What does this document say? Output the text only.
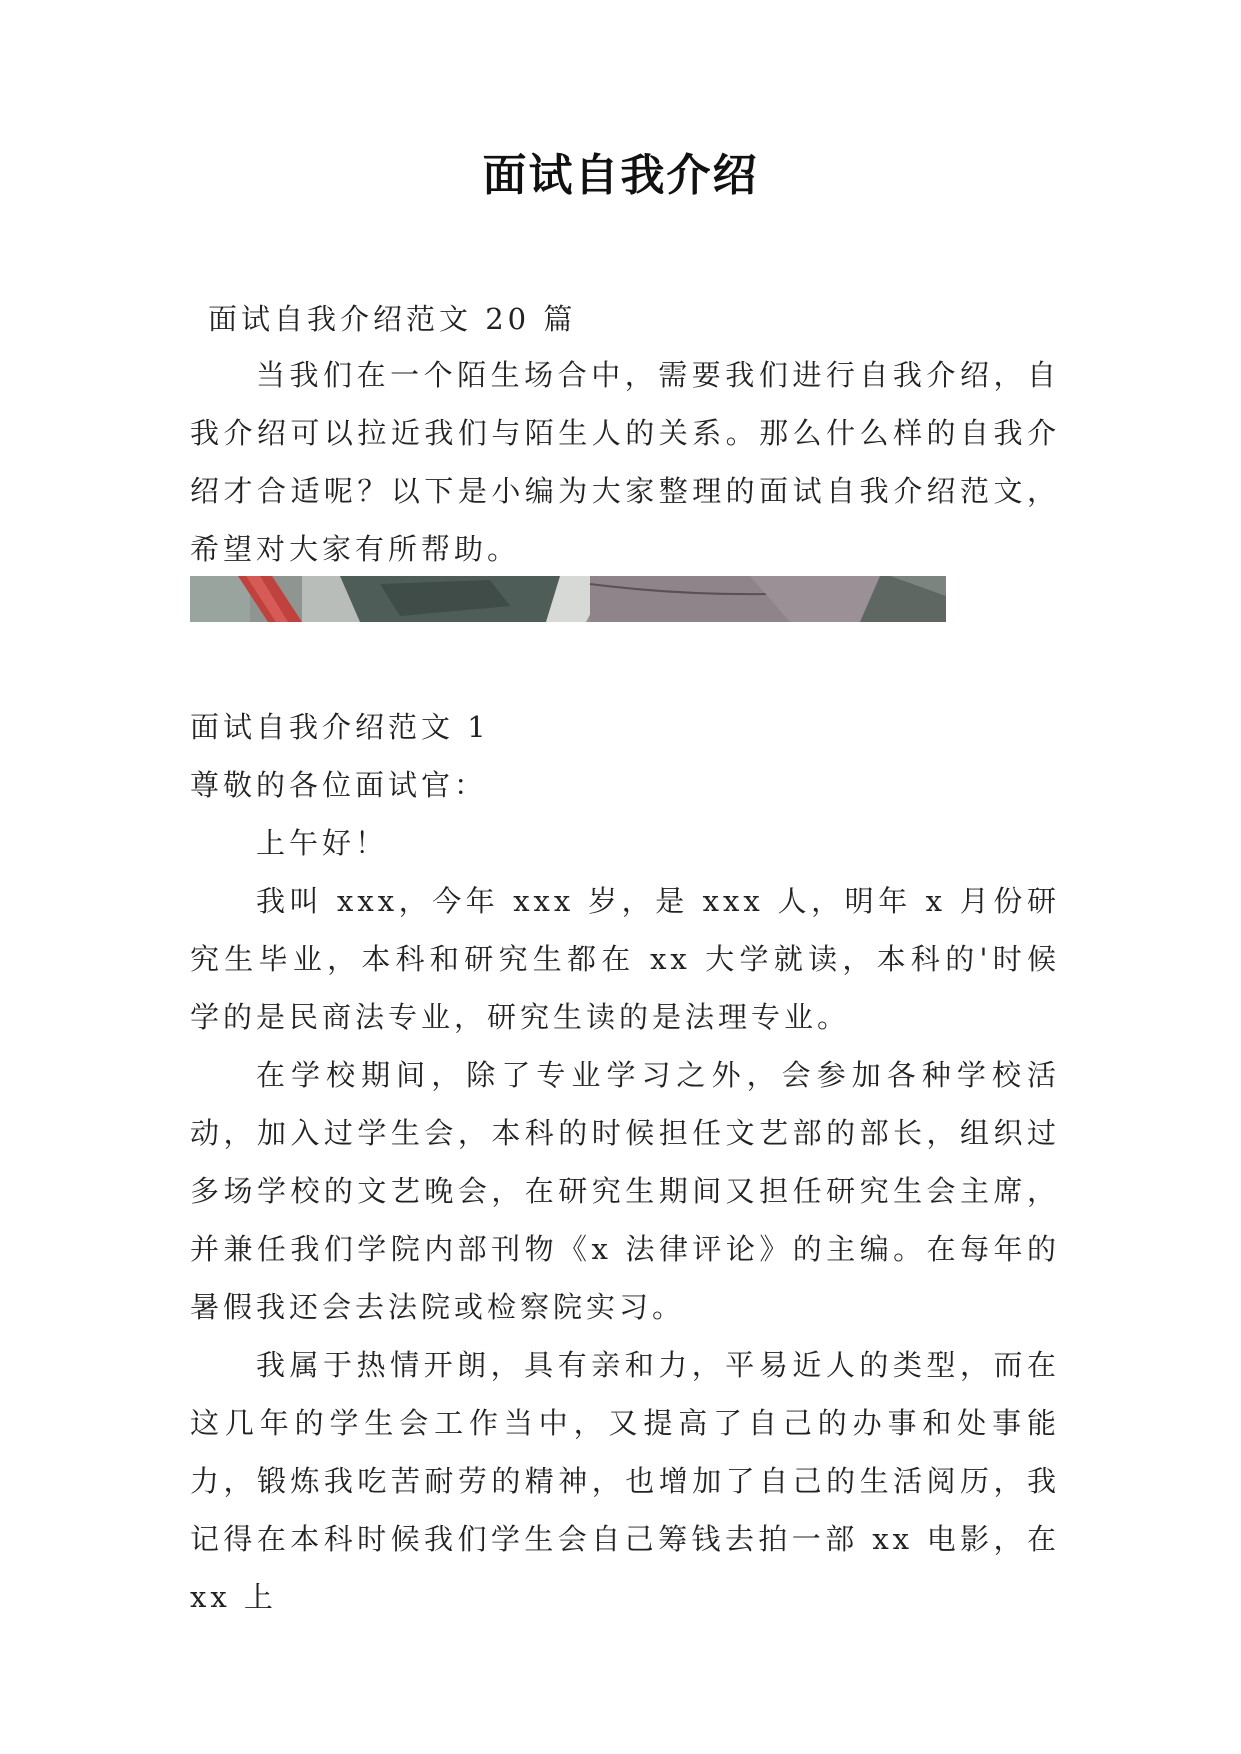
面试自我介绍
面试自我介绍范文 20 篇

当我们在一个陌生场合中，需要我们进行自我介绍，自我介绍可以拉近我们与陌生人的关系。那么什么样的自我介绍才合适呢？以下是小编为大家整理的面试自我介绍范文，希望对大家有所帮助。

面试自我介绍范文 1

尊敬的各位面试官：

上午好！

我叫 xxx，今年 xxx 岁，是 xxx 人，明年 x 月份研究生毕业，本科和研究生都在 xx 大学就读，本科的'时候学的是民商法专业，研究生读的是法理专业。

在学校期间，除了专业学习之外，会参加各种学校活动，加入过学生会，本科的时候担任文艺部的部长，组织过多场学校的文艺晚会，在研究生期间又担任研究生会主席，并兼任我们学院内部刊物《x 法律评论》的主编。在每年的暑假我还会去法院或检察院实习。

我属于热情开朗，具有亲和力，平易近人的类型，而在这几年的学生会工作当中，又提高了自己的办事和处事能力，锻炼我吃苦耐劳的精神，也增加了自己的生活阅历，我记得在本科时候我们学生会自己筹钱去拍一部 xx 电影，在 xx 上
